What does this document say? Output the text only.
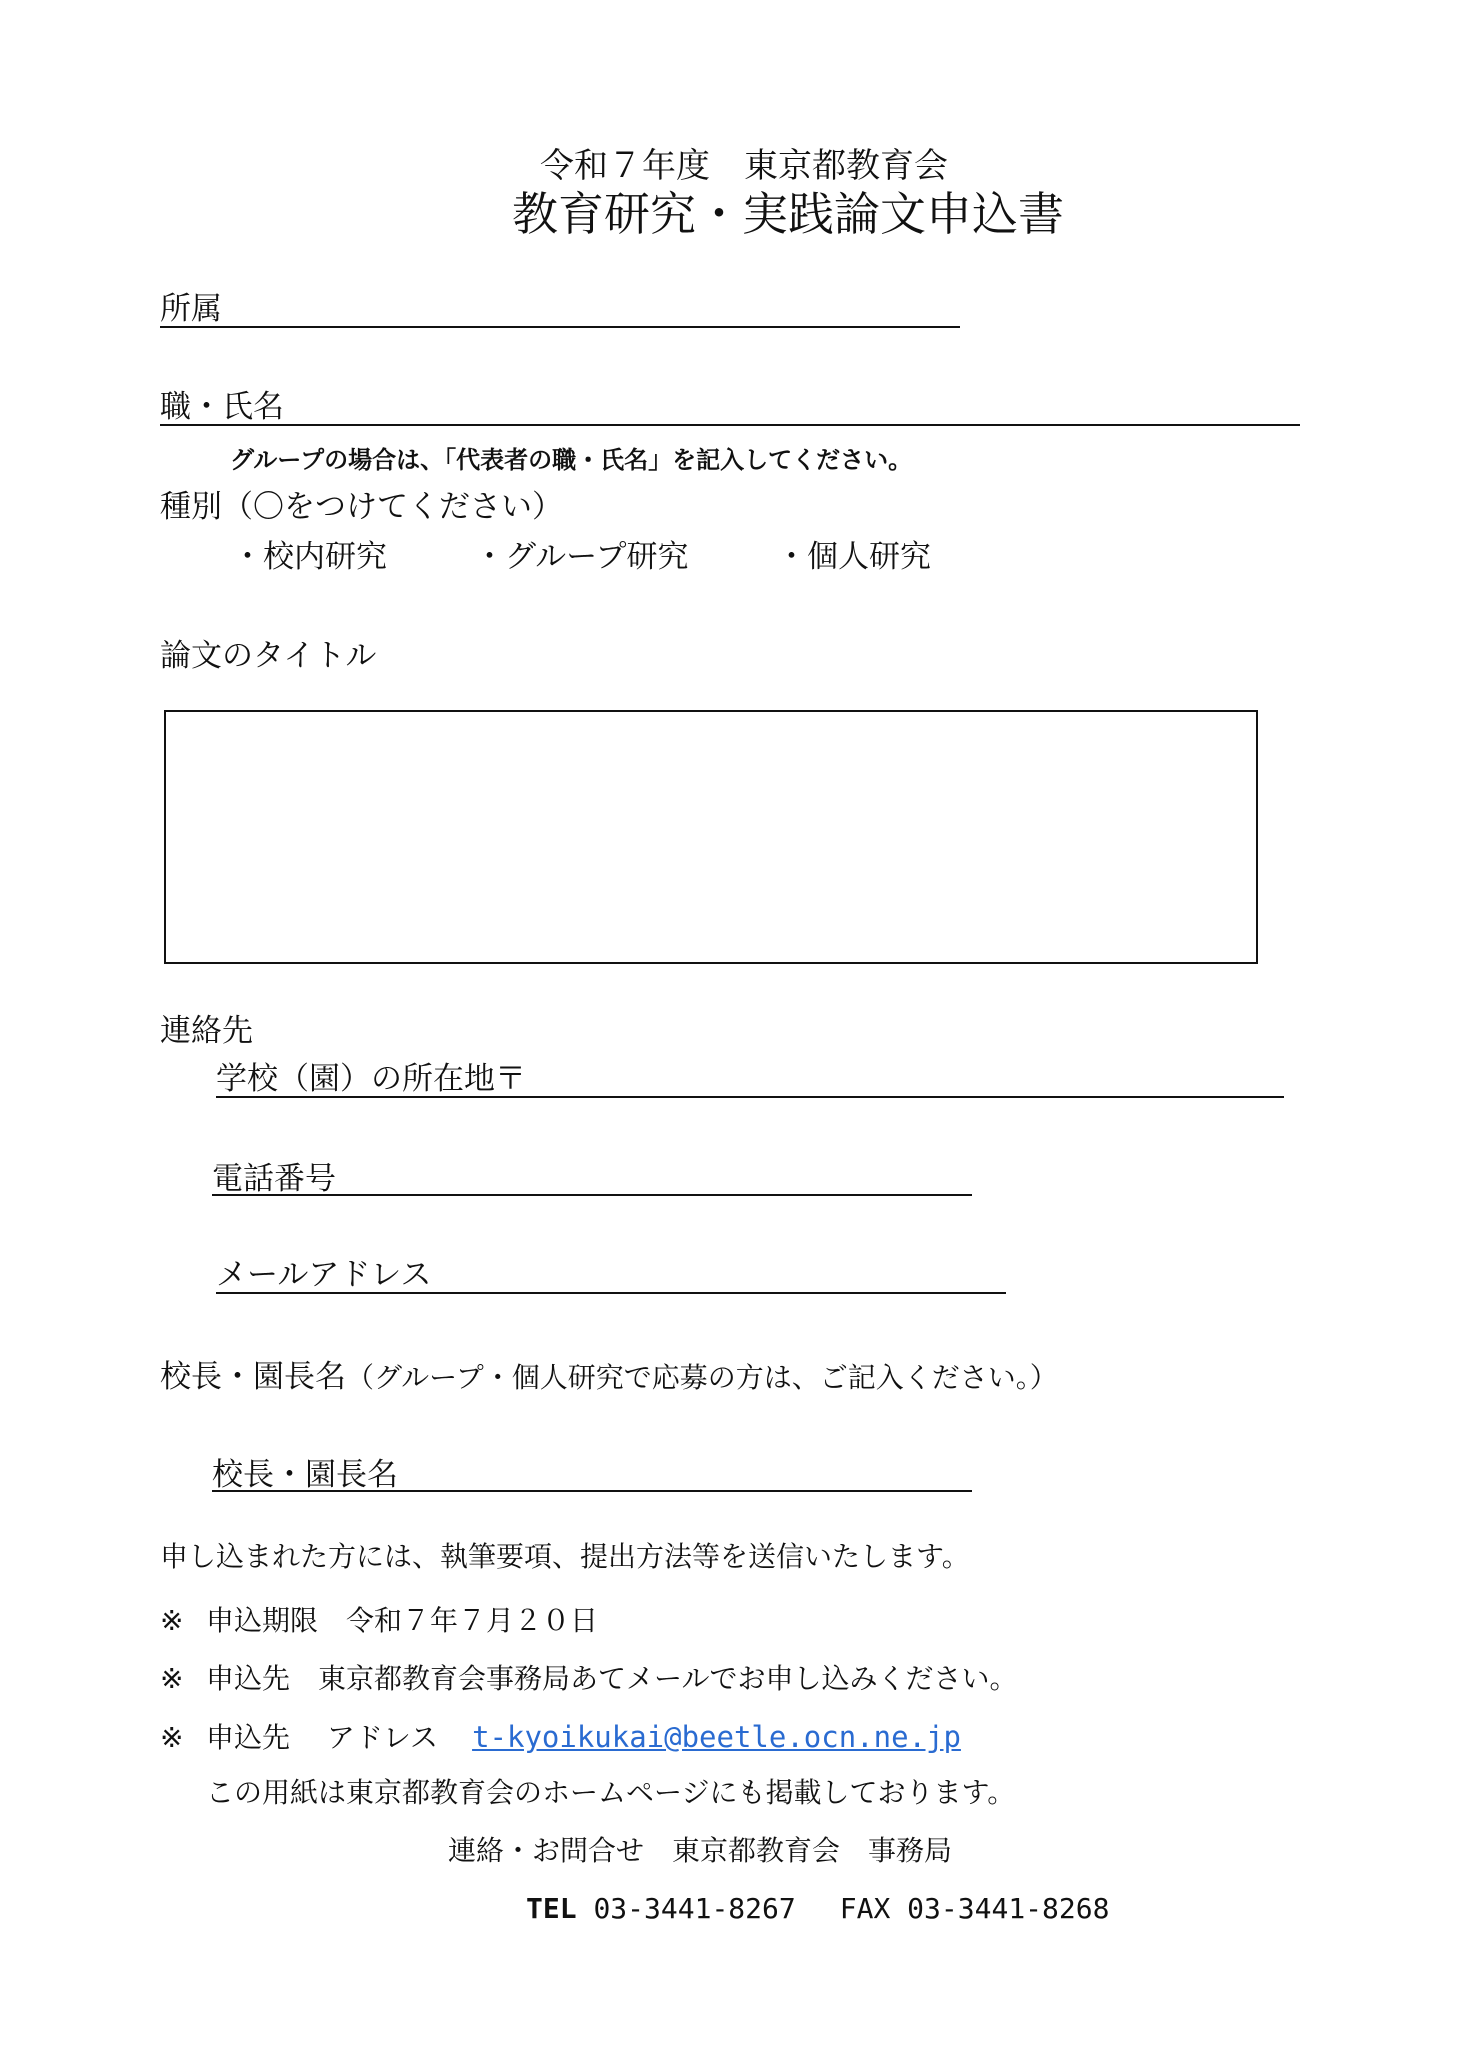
令和７年度　東京都教育会
教育研究・実践論文申込書
所属
職・氏名
グループの場合は、「代表者の職・氏名」を記入してください。
種別（〇をつけてください）
・校内研究	・グループ研究	・個人研究
論文のタイトル
連絡先
学校（園）の所在地〒
電話番号
メールアドレス
校長・園長名（グループ・個人研究で応募の方は、ご記入ください。）
校長・園長名
申し込まれた方には、執筆要項、提出方法等を送信いたします。
※ 申込期限　令和７年７月２０日
※ 申込先　東京都教育会事務局あてメールでお申し込みください。
※ 申込先　 アドレス t-kyoikukai@beetle.ocn.ne.jp
この用紙は東京都教育会のホームページにも掲載しております。
連絡・お問合せ　東京都教育会　事務局
TEL 03-3441-8267 FAX 03-3441-8268
